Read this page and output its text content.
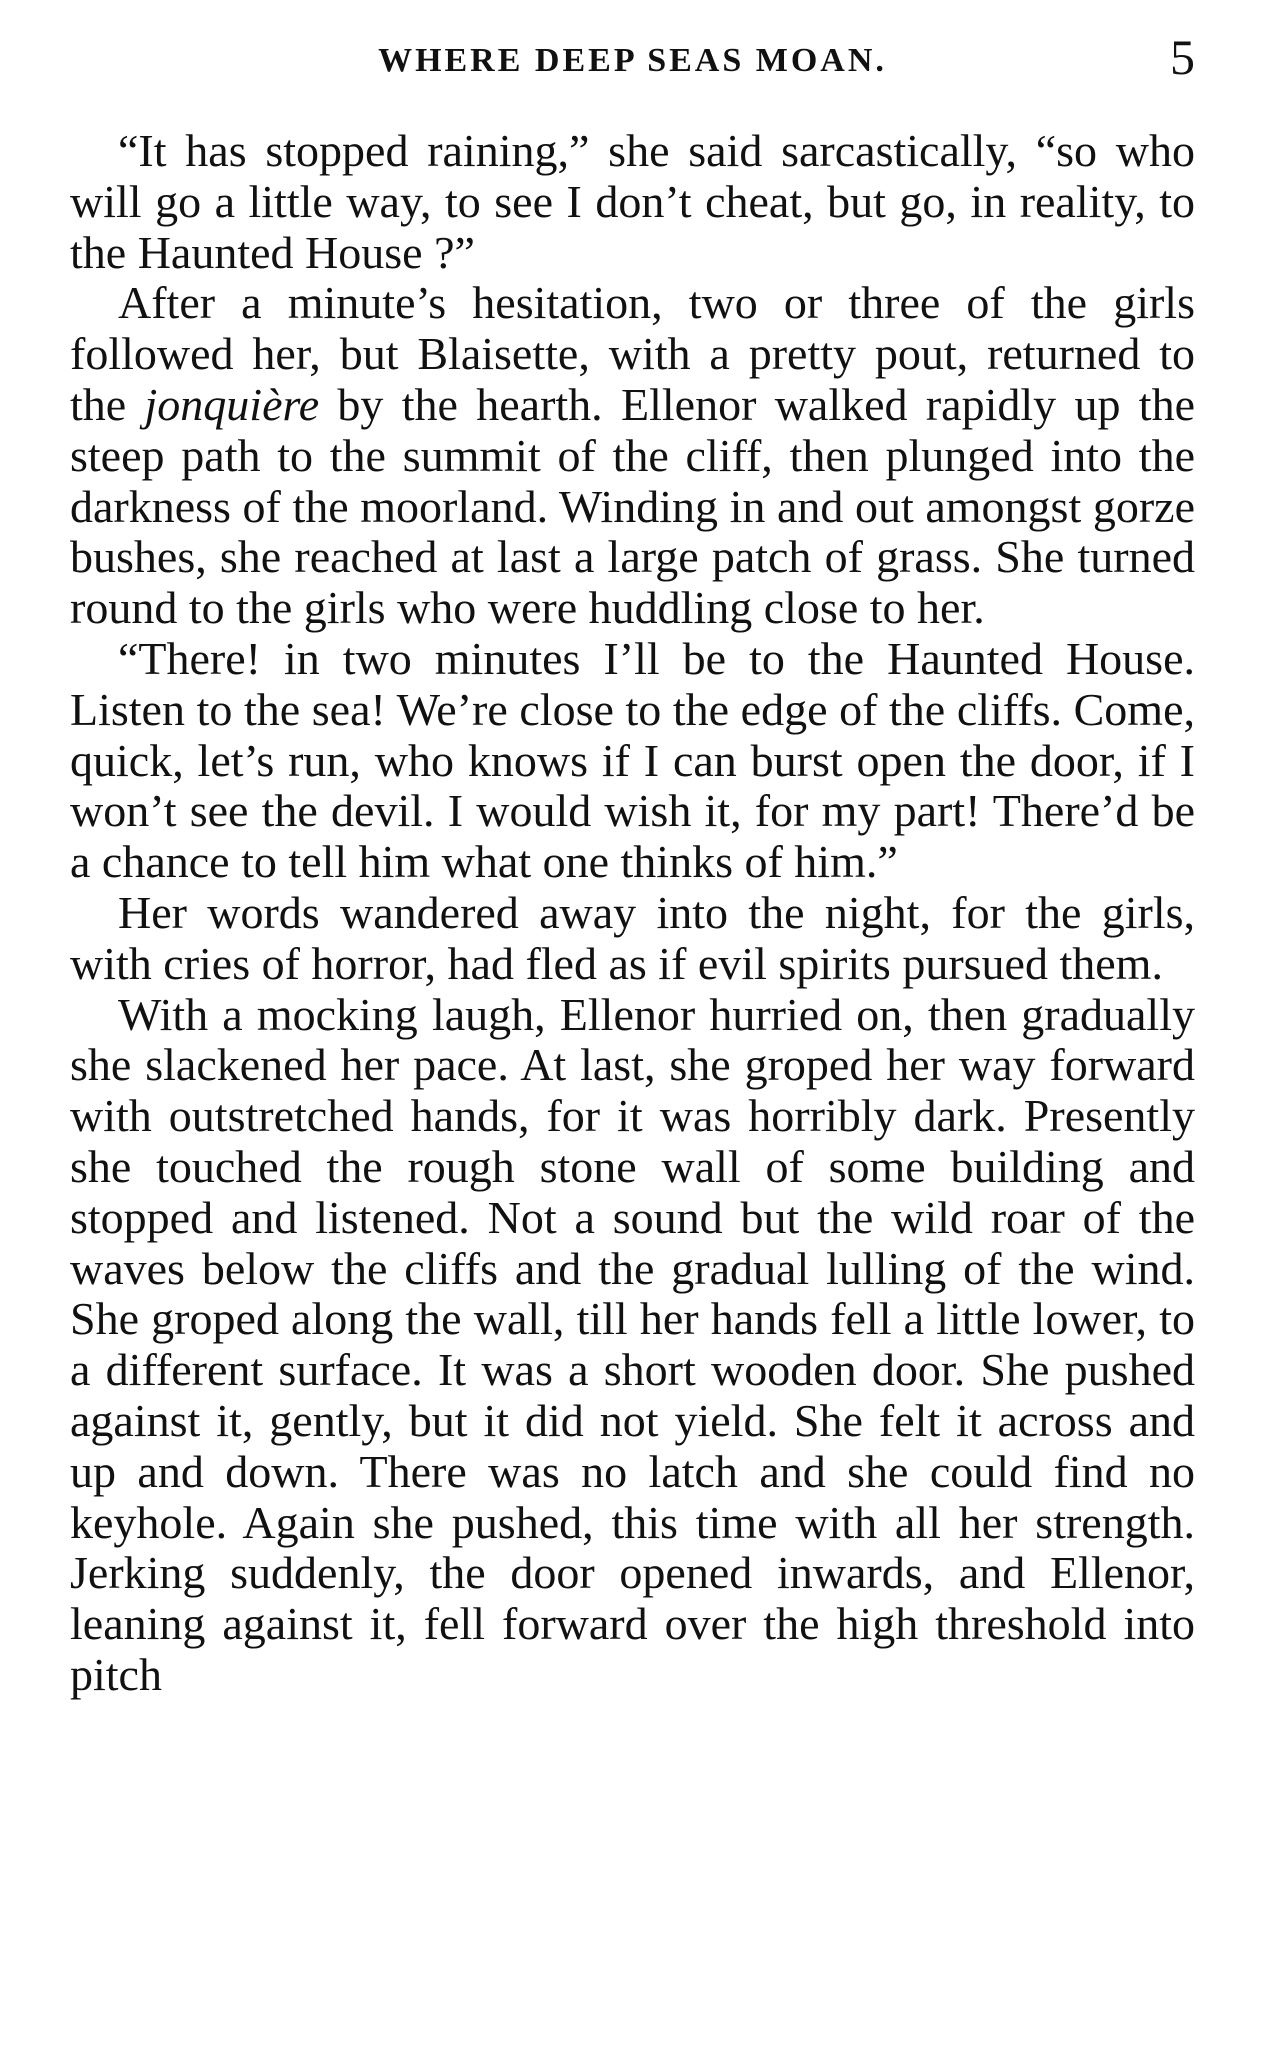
WHERE DEEP SEAS MOAN.	5

“It has stopped raining,” she said sarcastically, “so who will go a little way, to see I don’t cheat, but go, in reality, to the Haunted House ?”

After a minute’s hesitation, two or three of the girls followed her, but Blaisette, with a pretty pout, returned to the jonquière by the hearth. Ellenor walked rapidly up the steep path to the summit of the cliff, then plunged into the darkness of the moorland. Winding in and out amongst gorze bushes, she reached at last a large patch of grass. She turned round to the girls who were huddling close to her.

“There! in two minutes I’ll be to the Haunted House. Listen to the sea! We’re close to the edge of the cliffs. Come, quick, let’s run, who knows if I can burst open the door, if I won’t see the devil. I would wish it, for my part! There’d be a chance to tell him what one thinks of him.”

Her words wandered away into the night, for the girls, with cries of horror, had fled as if evil spirits pursued them.

With a mocking laugh, Ellenor hurried on, then gradually she slackened her pace. At last, she groped her way forward with outstretched hands, for it was horribly dark. Presently she touched the rough stone wall of some building and stopped and listened. Not a sound but the wild roar of the waves below the cliffs and the gradual lulling of the wind. She groped along the wall, till her hands fell a little lower, to a different surface. It was a short wooden door. She pushed against it, gently, but it did not yield. She felt it across and up and down. There was no latch and she could find no keyhole. Again she pushed, this time with all her strength. Jerking suddenly, the door opened inwards, and Ellenor, leaning against it, fell forward over the high threshold into pitch
